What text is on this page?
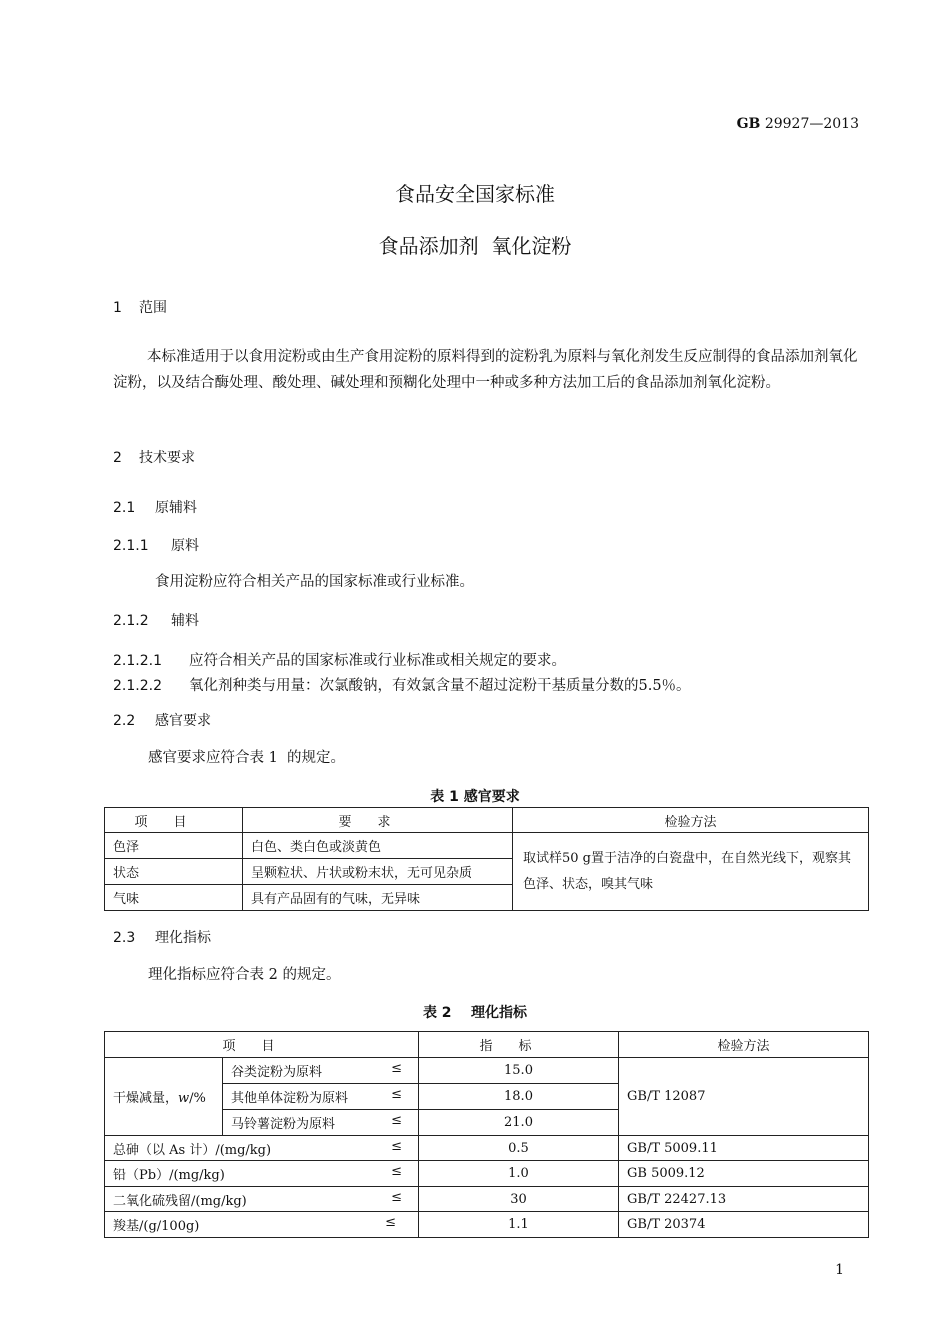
GB 29927—2013
食品安全国家标准
食品添加剂  氧化淀粉
1 范围
本标准适用于以食用淀粉或由生产食用淀粉的原料得到的淀粉乳为原料与氧化剂发生反应制得的食品添加剂氧化淀粉，以及结合酶处理、酸处理、碱处理和预糊化处理中一种或多种方法加工后的食品添加剂氧化淀粉。
2 技术要求
2.1 原辅料
2.1.1 原料
食用淀粉应符合相关产品的国家标准或行业标准。
2.1.2 辅料
2.1.2.1 应符合相关产品的国家标准或行业标准或相关规定的要求。
2.1.2.2 氧化剂种类与用量：次氯酸钠，有效氯含量不超过淀粉干基质量分数的5.5％。
2.2 感官要求
感官要求应符合表 1  的规定。
表 1 感官要求
项目	要求	检验方法
色泽	白色、类白色或淡黄色	取试样50 g置于洁净的白瓷盘中，在自然光线下，观察其色泽、状态，嗅其气味
状态	呈颗粒状、片状或粉末状，无可见杂质	
气味	具有产品固有的气味，无异味	
2.3 理化指标
理化指标应符合表 2 的规定。
表 2    理化指标
项目		指标	检验方法
干燥减量，w/%	谷类淀粉为原料 ≤	15.0	GB/T 12087
	其他单体淀粉为原料 ≤	18.0	
	马铃薯淀粉为原料 ≤	21.0	
总砷（以 As 计）/(mg/kg) ≤		0.5	GB/T 5009.11
铅（Pb）/(mg/kg) ≤		1.0	GB 5009.12
二氧化硫残留/(mg/kg) ≤		30	GB/T 22427.13
羧基/(g/100g) ≤		1.1	GB/T 20374
1
